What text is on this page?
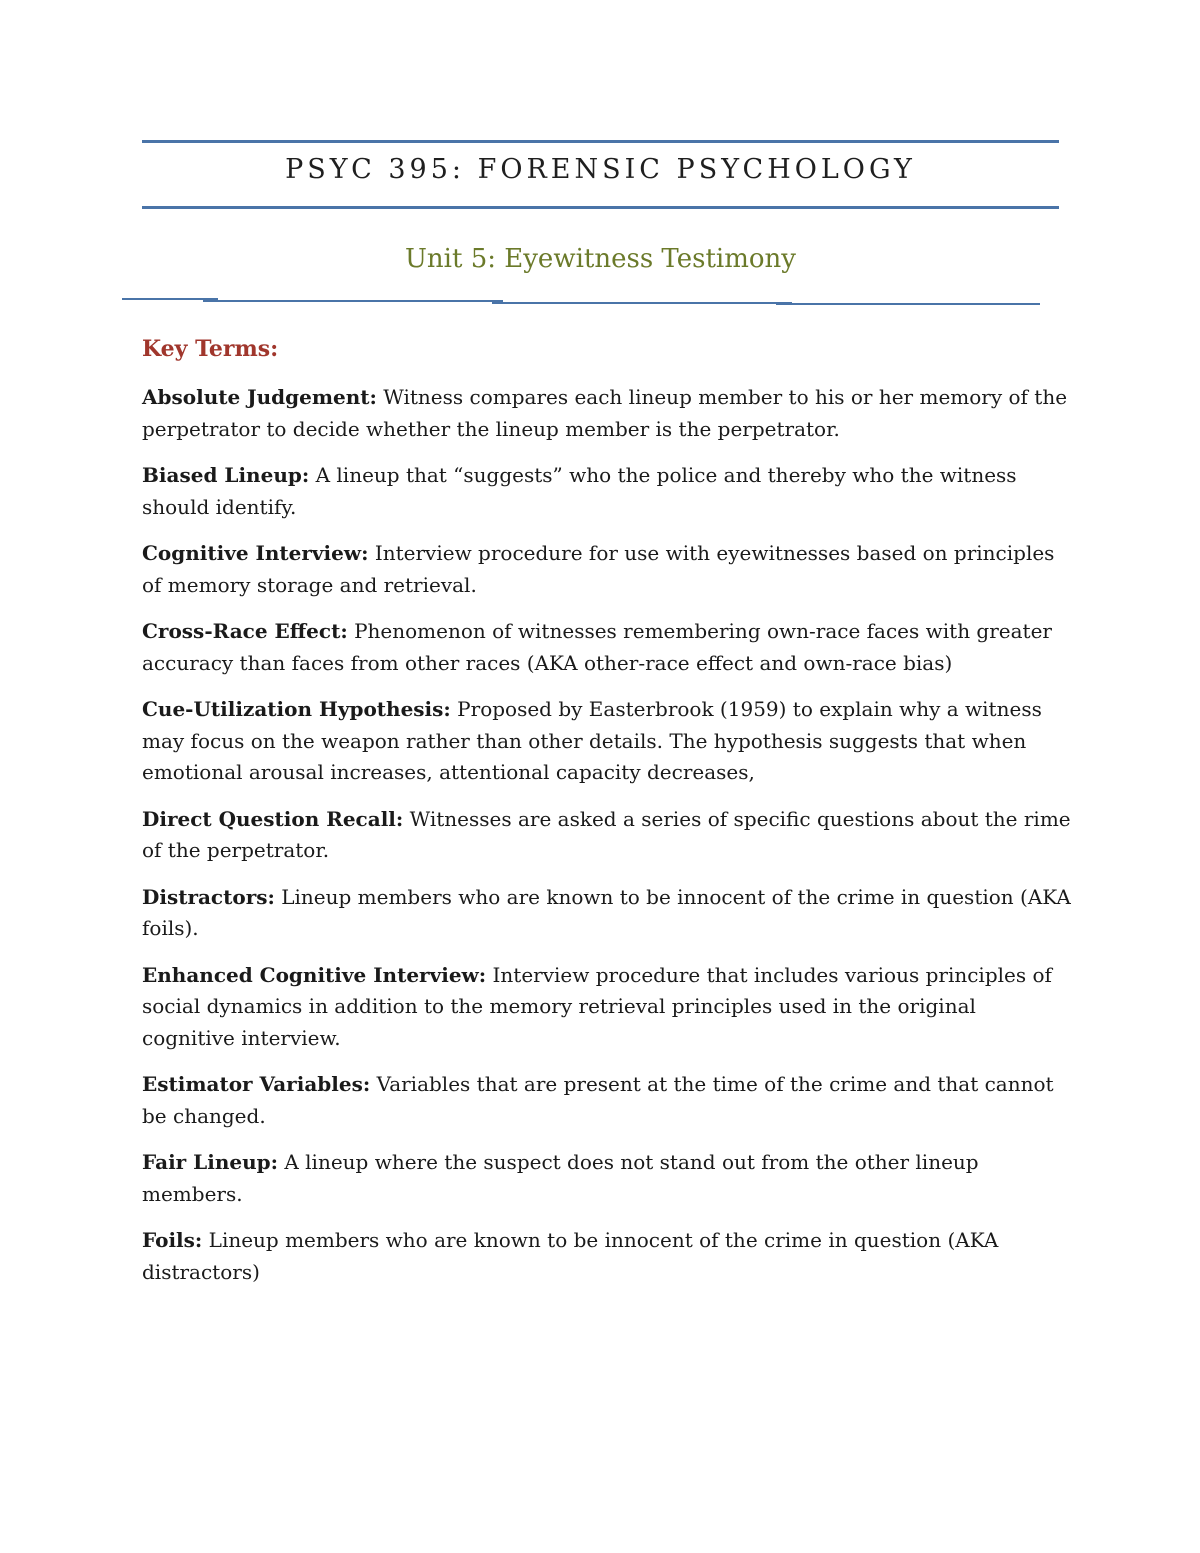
PSYC 395: FORENSIC PSYCHOLOGY
Unit 5: Eyewitness Testimony
Key Terms:
Absolute Judgement: Witness compares each lineup member to his or her memory of the perpetrator to decide whether the lineup member is the perpetrator.
Biased Lineup: A lineup that “suggests” who the police and thereby who the witness should identify.
Cognitive Interview: Interview procedure for use with eyewitnesses based on principles of memory storage and retrieval.
Cross-Race Effect: Phenomenon of witnesses remembering own-race faces with greater accuracy than faces from other races (AKA other-race effect and own-race bias)
Cue-Utilization Hypothesis: Proposed by Easterbrook (1959) to explain why a witness may focus on the weapon rather than other details. The hypothesis suggests that when emotional arousal increases, attentional capacity decreases,
Direct Question Recall: Witnesses are asked a series of specific questions about the rime of the perpetrator.
Distractors: Lineup members who are known to be innocent of the crime in question (AKA foils).
Enhanced Cognitive Interview: Interview procedure that includes various principles of social dynamics in addition to the memory retrieval principles used in the original cognitive interview.
Estimator Variables: Variables that are present at the time of the crime and that cannot be changed.
Fair Lineup: A lineup where the suspect does not stand out from the other lineup members.
Foils: Lineup members who are known to be innocent of the crime in question (AKA distractors)
